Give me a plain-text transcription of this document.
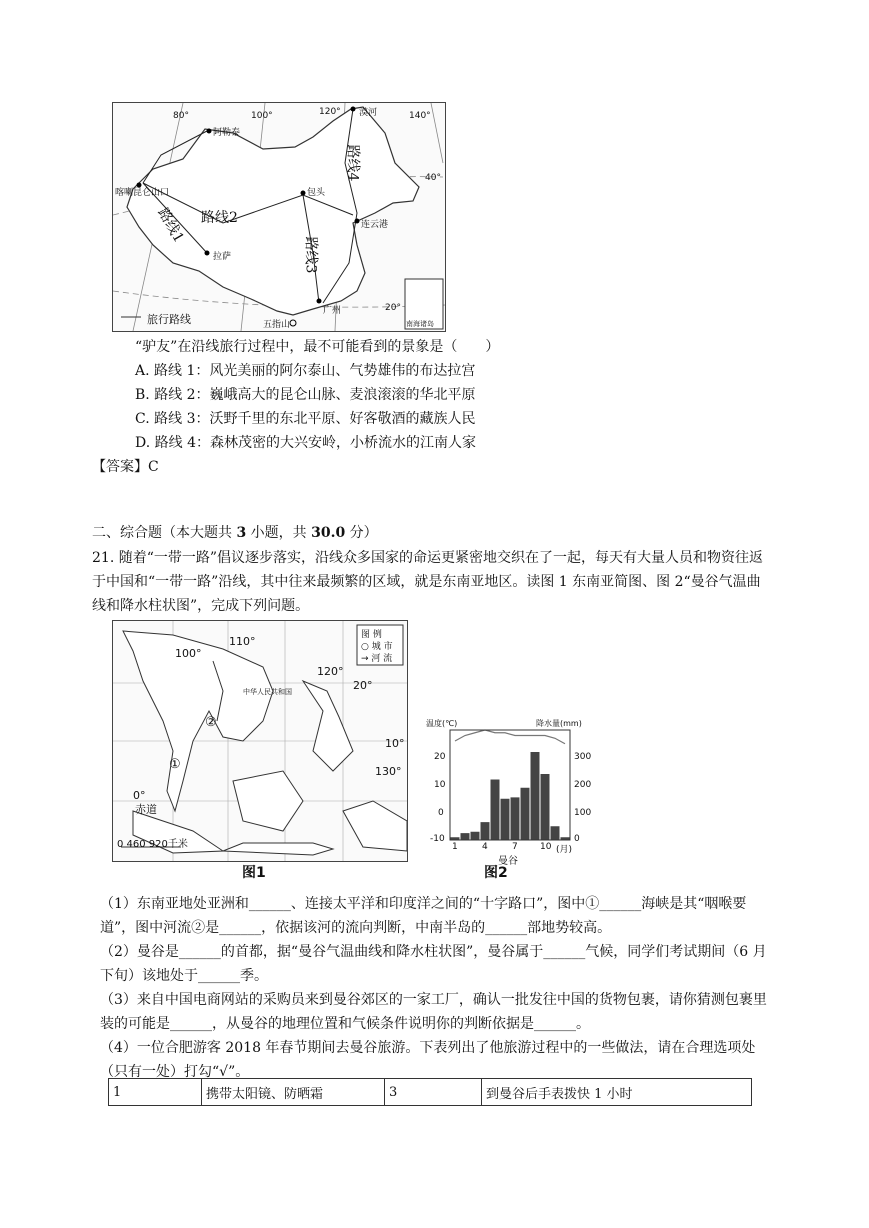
80°	100°	120°	140°
40°
20°
阿勒泰
漠河
喀喇昆仑山口	包头
连云港
拉萨
广州
五指山
路线1 路线2
路线3
路线4
旅行路线	南海诸岛
“驴友”在沿线旅行过程中，最不可能看到的景象是（　　）
A. 路线 1：风光美丽的阿尔泰山、气势雄伟的布达拉宫
B. 路线 2：巍峨高大的昆仑山脉、麦浪滚滚的华北平原
C. 路线 3：沃野千里的东北平原、好客敬酒的藏族人民
D. 路线 4：森林茂密的大兴安岭，小桥流水的江南人家
【答案】C
二、综合题（本大题共 3 小题，共 30.0 分）
21. 随着“一带一路”倡议逐步落实，沿线众多国家的命运更紧密地交织在了一起，每天有大量人员和物资往返于中国和“一带一路”沿线，其中往来最频繁的区域，就是东南亚地区。读图 1 东南亚简图、图 2“曼谷气温曲线和降水柱状图”，完成下列问题。
图 例
○ 城 市
→ 河 流
100°
110°
120°
130°
20°
10°
0°
赤道
中华人民共和国
0 460 920千米
①
②
图1
温度(℃)	降水量(mm)
20
10
0
-10
300
200
100
0
1	4	7 10 (月)
曼谷
图2
（1）东南亚地处亚洲和______、连接太平洋和印度洋之间的“十字路口”，图中①______海峡是其“咽喉要道”，图中河流②是______，依据该河的流向判断，中南半岛的______部地势较高。
（2）曼谷是______的首都，据“曼谷气温曲线和降水柱状图”，曼谷属于______气候，同学们考试期间（6 月下旬）该地处于______季。
（3）来自中国电商网站的采购员来到曼谷郊区的一家工厂，确认一批发往中国的货物包裹，请你猜测包裹里装的可能是______，从曼谷的地理位置和气候条件说明你的判断依据是______。
（4）一位合肥游客 2018 年春节期间去曼谷旅游。下表列出了他旅游过程中的一些做法，请在合理选项处（只有一处）打勾“√”。
1	携带太阳镜、防晒霜	3	到曼谷后手表拨快 1 小时
